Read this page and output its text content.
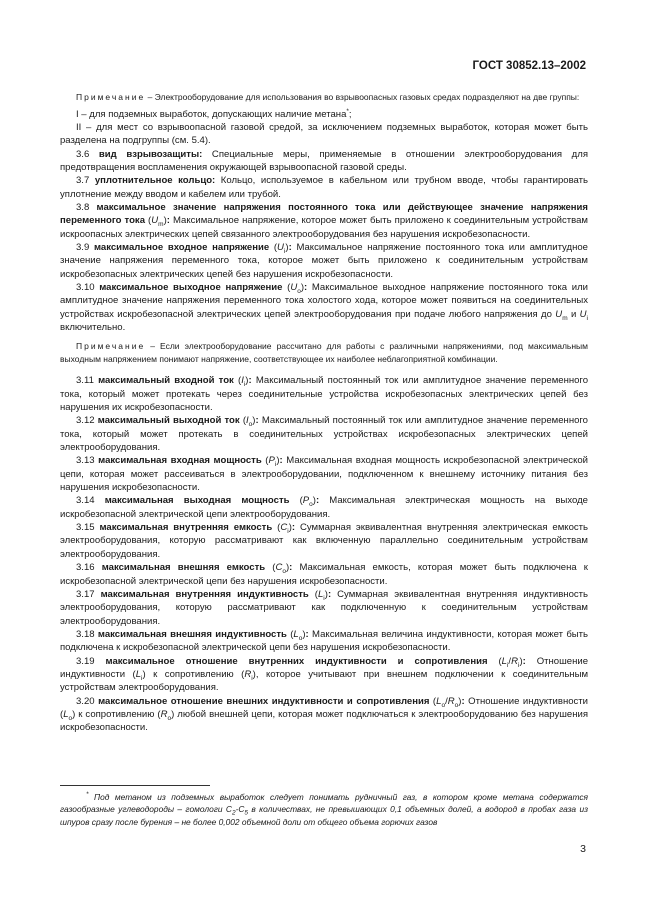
ГОСТ 30852.13–2002

Примечание – Электрооборудование для использования во взрывоопасных газовых средах подразделяют на две группы:

I – для подземных выработок, допускающих наличие метана*;

II – для мест со взрывоопасной газовой средой, за исключением подземных выработок, которая может быть разделена на подгруппы (см. 5.4).

3.6 вид взрывозащиты: Специальные меры, применяемые в отношении электрооборудования для предотвращения воспламенения окружающей взрывоопасной газовой среды.

3.7 уплотнительное кольцо: Кольцо, используемое в кабельном или трубном вводе, чтобы гарантировать уплотнение между вводом и кабелем или трубой.

3.8 максимальное значение напряжения постоянного тока или действующее значение напряжения переменного тока $(U_m)$: Максимальное напряжение, которое может быть приложено к соединительным устройствам искроопасных электрических цепей связанного электрооборудования без нарушения искробезопасности.

3.9 максимальное входное напряжение $(U_i)$: Максимальное напряжение постоянного тока или амплитудное значение напряжения переменного тока, которое может быть приложено к соединительным устройствам искробезопасных электрических цепей без нарушения искробезопасности.

3.10 максимальное выходное напряжение $(U_o)$: Максимальное выходное напряжение постоянного тока или амплитудное значение напряжения переменного тока холостого хода, которое может появиться на соединительных устройствах искробезопасной электрических цепей электрооборудования при подаче любого напряжения до $U_m$ и $U_i$ включительно.

Примечание – Если электрооборудование рассчитано для работы с различными напряжениями, под максимальным выходным напряжением понимают напряжение, соответствующее их наиболее неблагоприятной комбинации.

3.11 максимальный входной ток $(I_i)$: Максимальный постоянный ток или амплитудное значение переменного тока, который может протекать через соединительные устройства искробезопасных электрических цепей без нарушения их искробезопасности.

3.12 максимальный выходной ток $(I_o)$: Максимальный постоянный ток или амплитудное значение переменного тока, который может протекать в соединительных устройствах искробезопасных электрических цепей электрооборудования.

3.13 максимальная входная мощность $(P_i)$: Максимальная входная мощность искробезопасной электрической цепи, которая может рассеиваться в электрооборудовании, подключенном к внешнему источнику питания без нарушения искробезопасности.

3.14 максимальная выходная мощность $(P_o)$: Максимальная электрическая мощность на выходе искробезопасной электрической цепи электрооборудования.

3.15 максимальная внутренняя емкость $(C_i)$: Суммарная эквивалентная внутренняя электрическая емкость электрооборудования, которую рассматривают как включенную параллельно соединительным устройствам электрооборудования.

3.16 максимальная внешняя емкость $(C_o)$: Максимальная емкость, которая может быть подключена к искробезопасной электрической цепи без нарушения искробезопасности.

3.17 максимальная внутренняя индуктивность $(L_i)$: Суммарная эквивалентная внутренняя индуктивность электрооборудования, которую рассматривают как подключенную к соединительным устройствам электрооборудования.

3.18 максимальная внешняя индуктивность $(L_o)$: Максимальная величина индуктивности, которая может быть подключена к искробезопасной электрической цепи без нарушения искробезопасности.

3.19 максимальное отношение внутренних индуктивности и сопротивления $(L_i/R_i)$: Отношение индуктивности $(L_i)$ к сопротивлению $(R_i)$, которое учитывают при внешнем подключении к соединительным устройствам электрооборудования.

3.20 максимальное отношение внешних индуктивности и сопротивления $(L_o/R_o)$: Отношение индуктивности $(L_o)$ к сопротивлению $(R_o)$ любой внешней цепи, которая может подключаться к электрооборудованию без нарушения искробезопасности.

* Под метаном из подземных выработок следует понимать рудничный газ, в котором кроме метана содержатся газообразные углеводороды – гомологи $C_2-C_5$ в количествах, не превышающих 0,1 объемных долей, а водород в пробах газа из шпуров сразу после бурения – не более 0,002 объемной доли от общего объема горючих газов

3
